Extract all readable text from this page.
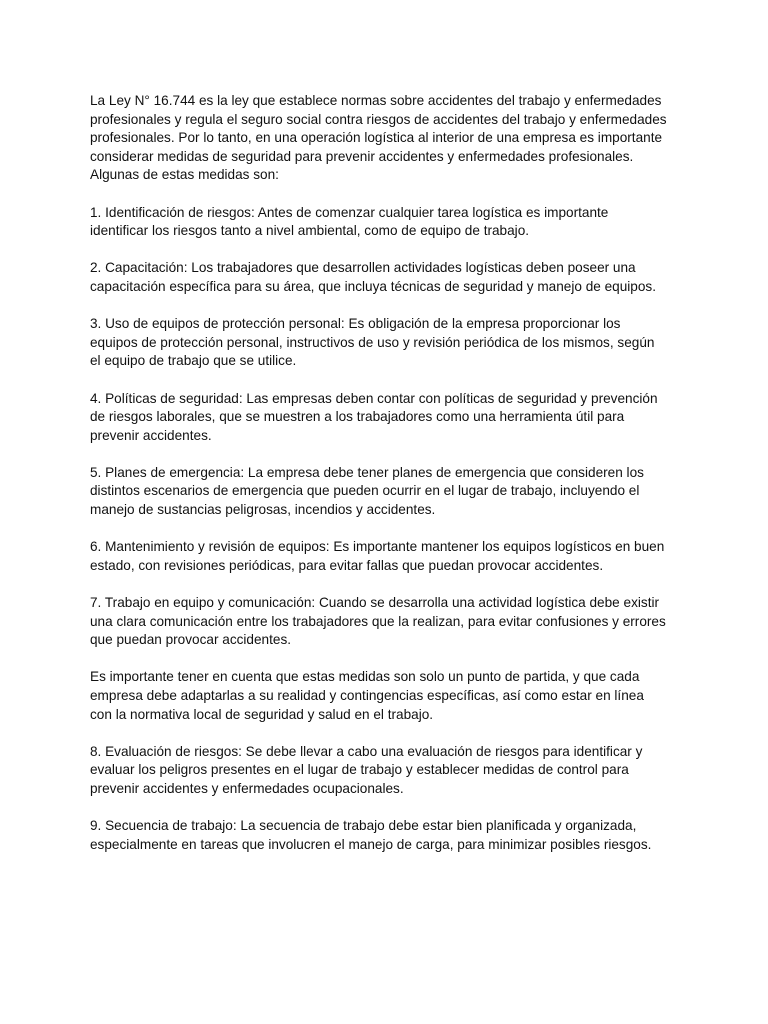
La Ley N° 16.744 es la ley que establece normas sobre accidentes del trabajo y enfermedades
profesionales y regula el seguro social contra riesgos de accidentes del trabajo y enfermedades
profesionales. Por lo tanto, en una operación logística al interior de una empresa es importante
considerar medidas de seguridad para prevenir accidentes y enfermedades profesionales.
Algunas de estas medidas son:

1. Identificación de riesgos: Antes de comenzar cualquier tarea logística es importante
identificar los riesgos tanto a nivel ambiental, como de equipo de trabajo.

2. Capacitación: Los trabajadores que desarrollen actividades logísticas deben poseer una
capacitación específica para su área, que incluya técnicas de seguridad y manejo de equipos.

3. Uso de equipos de protección personal: Es obligación de la empresa proporcionar los
equipos de protección personal, instructivos de uso y revisión periódica de los mismos, según
el equipo de trabajo que se utilice.

4. Políticas de seguridad: Las empresas deben contar con políticas de seguridad y prevención
de riesgos laborales, que se muestren a los trabajadores como una herramienta útil para
prevenir accidentes.

5. Planes de emergencia: La empresa debe tener planes de emergencia que consideren los
distintos escenarios de emergencia que pueden ocurrir en el lugar de trabajo, incluyendo el
manejo de sustancias peligrosas, incendios y accidentes.

6. Mantenimiento y revisión de equipos: Es importante mantener los equipos logísticos en buen
estado, con revisiones periódicas, para evitar fallas que puedan provocar accidentes.

7. Trabajo en equipo y comunicación: Cuando se desarrolla una actividad logística debe existir
una clara comunicación entre los trabajadores que la realizan, para evitar confusiones y errores
que puedan provocar accidentes.

Es importante tener en cuenta que estas medidas son solo un punto de partida, y que cada
empresa debe adaptarlas a su realidad y contingencias específicas, así como estar en línea
con la normativa local de seguridad y salud en el trabajo.

8. Evaluación de riesgos: Se debe llevar a cabo una evaluación de riesgos para identificar y
evaluar los peligros presentes en el lugar de trabajo y establecer medidas de control para
prevenir accidentes y enfermedades ocupacionales.

9. Secuencia de trabajo: La secuencia de trabajo debe estar bien planificada y organizada,
especialmente en tareas que involucren el manejo de carga, para minimizar posibles riesgos.
